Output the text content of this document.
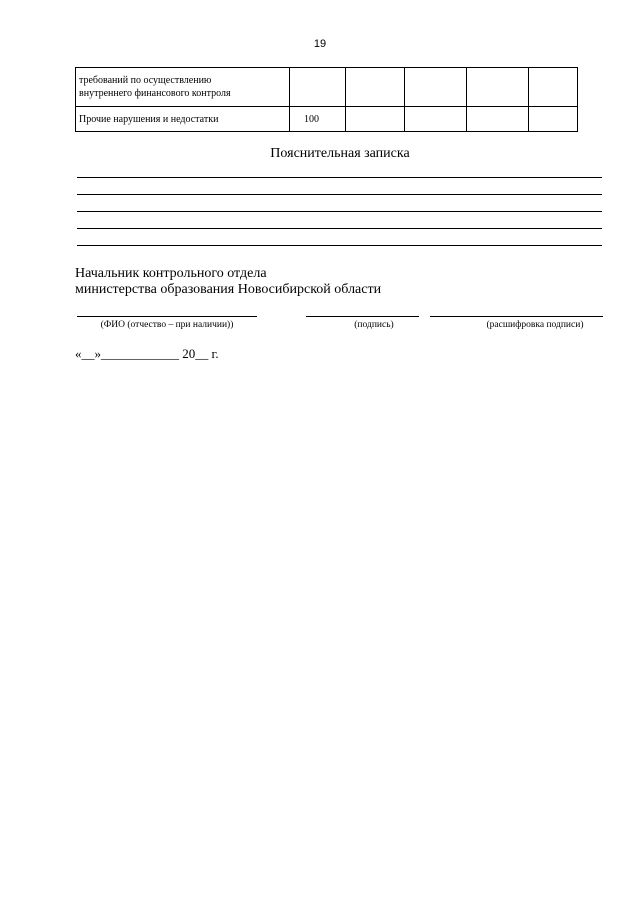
19
требований по осуществлению
внутреннего финансового контроля					

Прочие нарушения и недостатки	100				
Пояснительная записка
Начальник контрольного отдела
министерства образования Новосибирской области
(ФИО (отчество – при наличии))	(подпись)	(расшифровка подписи)
«__»____________ 20__ г.
